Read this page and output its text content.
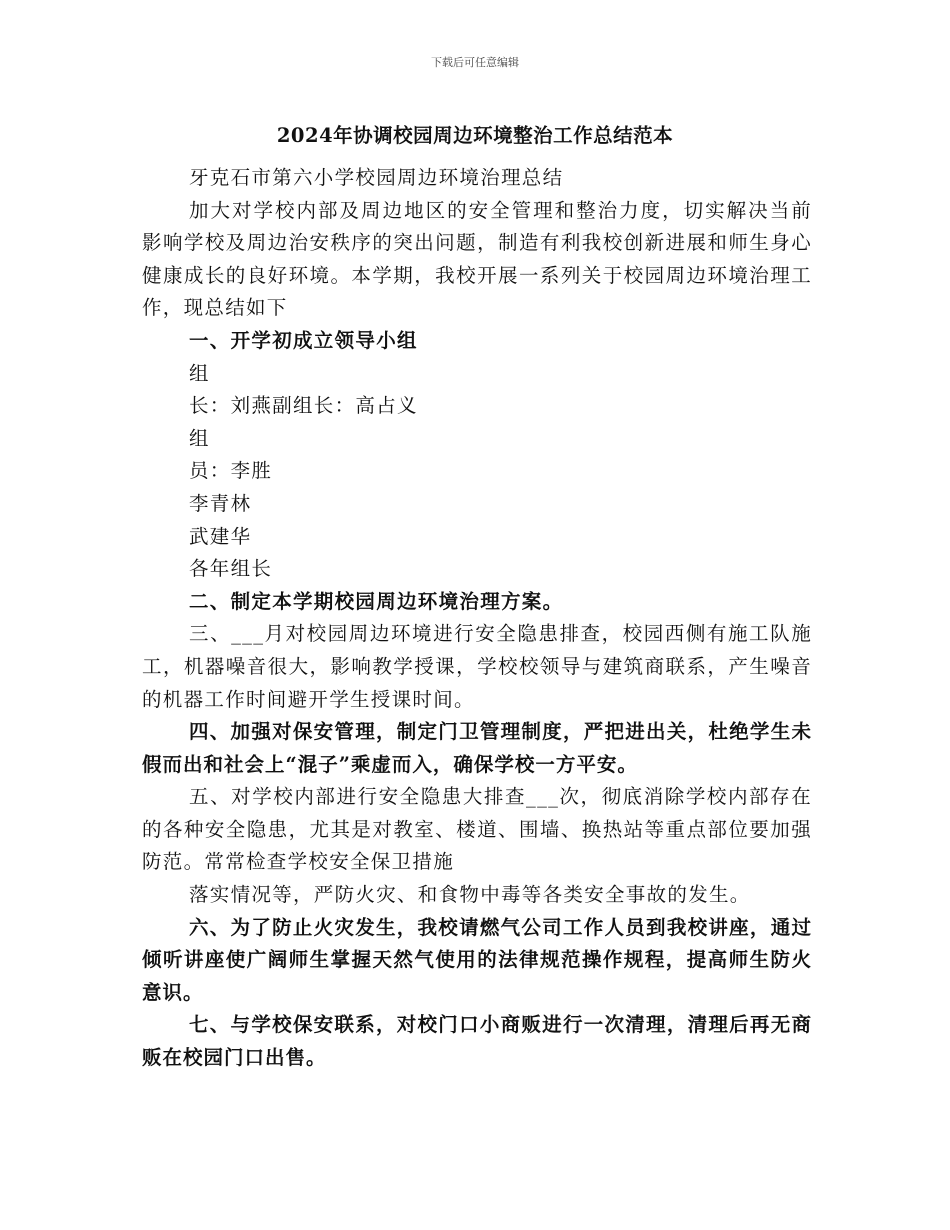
下载后可任意编辑
2024年协调校园周边环境整治工作总结范本

牙克石市第六小学校园周边环境治理总结

加大对学校内部及周边地区的安全管理和整治力度，切实解决当前影响学校及周边治安秩序的突出问题，制造有利我校创新进展和师生身心健康成长的良好环境。本学期，我校开展一系列关于校园周边环境治理工作，现总结如下

一、开学初成立领导小组

组

长：刘燕副组长：高占义

组

员：李胜

李青林

武建华

各年组长

二、制定本学期校园周边环境治理方案。

三、___月对校园周边环境进行安全隐患排查，校园西侧有施工队施工，机器噪音很大，影响教学授课，学校校领导与建筑商联系，产生噪音的机器工作时间避开学生授课时间。

四、加强对保安管理，制定门卫管理制度，严把进出关，杜绝学生未假而出和社会上“混子”乘虚而入，确保学校一方平安。

五、对学校内部进行安全隐患大排查___次，彻底消除学校内部存在的各种安全隐患，尤其是对教室、楼道、围墙、换热站等重点部位要加强防范。常常检查学校安全保卫措施

落实情况等，严防火灾、和食物中毒等各类安全事故的发生。

六、为了防止火灾发生，我校请燃气公司工作人员到我校讲座，通过倾听讲座使广阔师生掌握天然气使用的法律规范操作规程，提高师生防火意识。

七、与学校保安联系，对校门口小商贩进行一次清理，清理后再无商贩在校园门口出售。
